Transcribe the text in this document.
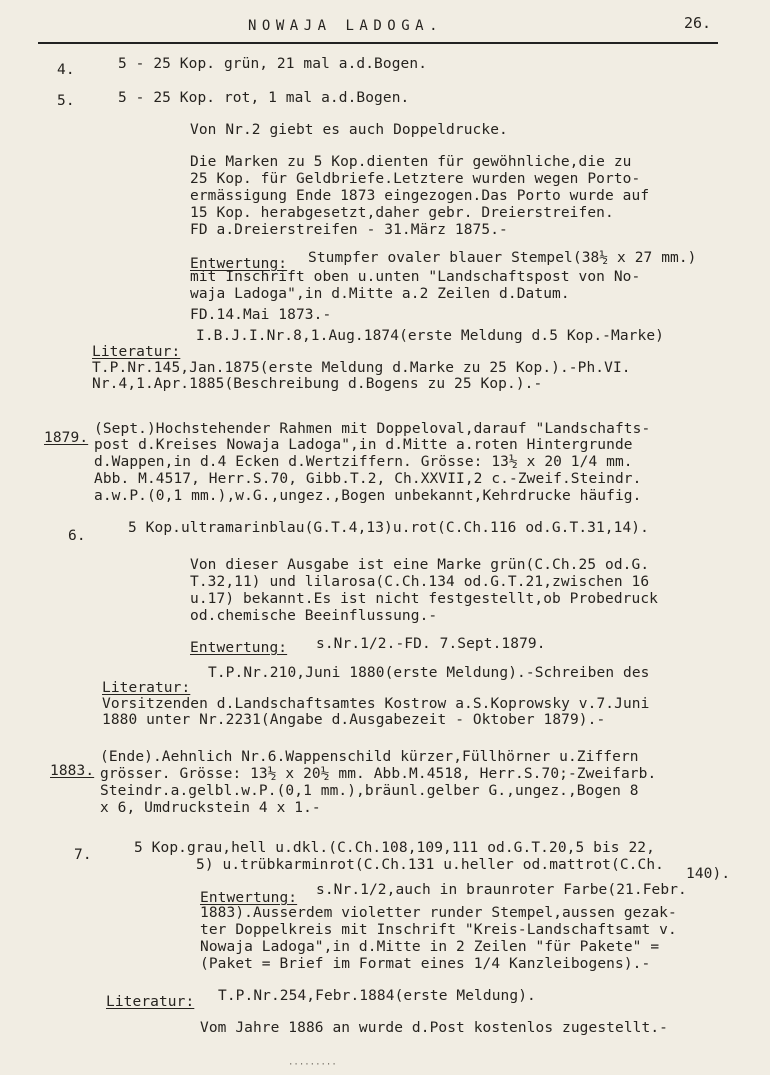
NOWAJA LADOGA.	26.
4.	5 - 25 Kop. grün, 21 mal a.d.Bogen.
5.	5 - 25 Kop. rot, 1 mal a.d.Bogen.
Von Nr.2 giebt es auch Doppeldrucke.
Die Marken zu 5 Kop.dienten für gewöhnliche,die zu
25 Kop. für Geldbriefe.Letztere wurden wegen Porto-
ermässigung Ende 1873 eingezogen.Das Porto wurde auf
15 Kop. herabgesetzt,daher gebr. Dreierstreifen.
FD a.Dreierstreifen - 31.März 1875.-
Entwertung: Stumpfer ovaler blauer Stempel(38½ x 27 mm.)
mit Inschrift oben u.unten "Landschaftspost von No-
waja Ladoga",in d.Mitte a.2 Zeilen d.Datum.
FD.14.Mai 1873.-
Literatur:
I.B.J.I.Nr.8,1.Aug.1874(erste Meldung d.5 Kop.-Marke)
T.P.Nr.145,Jan.1875(erste Meldung d.Marke zu 25 Kop.).-Ph.VI.
Nr.4,1.Apr.1885(Beschreibung d.Bogens zu 25 Kop.).-
1879.
(Sept.)Hochstehender Rahmen mit Doppeloval,darauf "Landschafts-
post d.Kreises Nowaja Ladoga",in d.Mitte a.roten Hintergrunde
d.Wappen,in d.4 Ecken d.Wertziffern. Grösse: 13½ x 20 1/4 mm.
Abb. M.4517, Herr.S.70, Gibb.T.2, Ch.XXVII,2 c.-Zweif.Steindr.
a.w.P.(0,1 mm.),w.G.,ungez.,Bogen unbekannt,Kehrdrucke häufig.
6.	5 Kop.ultramarinblau(G.T.4,13)u.rot(C.Ch.116 od.G.T.31,14).
Von dieser Ausgabe ist eine Marke grün(C.Ch.25 od.G.
T.32,11) und lilarosa(C.Ch.134 od.G.T.21,zwischen 16
u.17) bekannt.Es ist nicht festgestellt,ob Probedruck
od.chemische Beeinflussung.-
Entwertung: s.Nr.1/2.-FD. 7.Sept.1879.
Literatur:
T.P.Nr.210,Juni 1880(erste Meldung).-Schreiben des
Vorsitzenden d.Landschaftsamtes Kostrow a.S.Koprowsky v.7.Juni
1880 unter Nr.2231(Angabe d.Ausgabezeit - Oktober 1879).-
1883.
(Ende).Aehnlich Nr.6.Wappenschild kürzer,Füllhörner u.Ziffern
grösser. Grösse: 13½ x 20½ mm. Abb.M.4518, Herr.S.70;-Zweifarb.
Steindr.a.gelbl.w.P.(0,1 mm.),bräunl.gelber G.,ungez.,Bogen 8
x 6, Umdruckstein 4 x 1.-
7.	5 Kop.grau,hell u.dkl.(C.Ch.108,109,111 od.G.T.20,5 bis 22,
5) u.trübkarminrot(C.Ch.131 u.heller od.mattrot(C.Ch.
140).
Entwertung: s.Nr.1/2,auch in braunroter Farbe(21.Febr.
1883).Ausserdem violetter runder Stempel,aussen gezak-
ter Doppelkreis mit Inschrift "Kreis-Landschaftsamt v.
Nowaja Ladoga",in d.Mitte in 2 Zeilen "für Pakete" =
(Paket = Brief im Format eines 1/4 Kanzleibogens).-
Literatur: T.P.Nr.254,Febr.1884(erste Meldung).
Vom Jahre 1886 an wurde d.Post kostenlos zugestellt.-
·········
